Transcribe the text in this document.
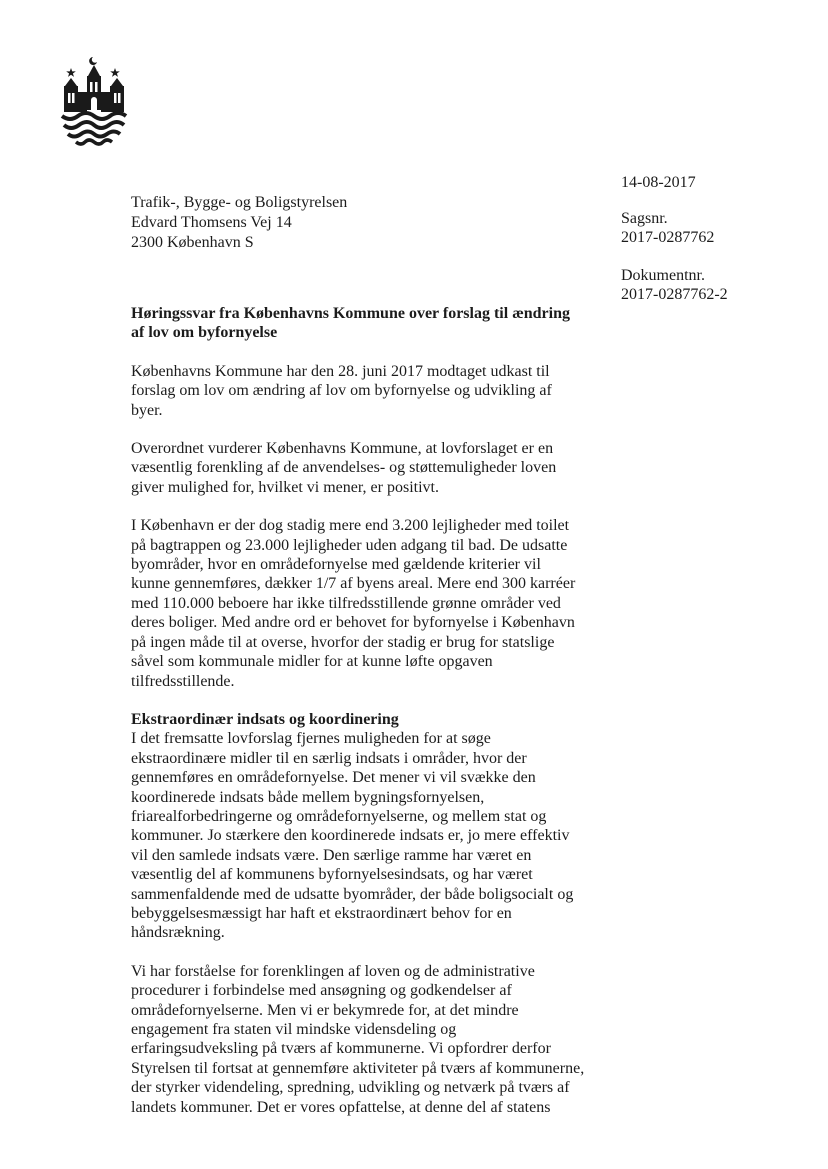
14-08-2017
Sagsnr.
2017-0287762
Dokumentnr.
2017-0287762-2
Trafik-, Bygge- og Boligstyrelsen
Edvard Thomsens Vej 14
2300 København S
Høringssvar fra Københavns Kommune over forslag til ændring
af lov om byfornyelse

Københavns Kommune har den 28. juni 2017 modtaget udkast til
forslag om lov om ændring af lov om byfornyelse og udvikling af
byer.

Overordnet vurderer Københavns Kommune, at lovforslaget er en
væsentlig forenkling af de anvendelses- og støttemuligheder loven
giver mulighed for, hvilket vi mener, er positivt.

I København er der dog stadig mere end 3.200 lejligheder med toilet
på bagtrappen og 23.000 lejligheder uden adgang til bad. De udsatte
byområder, hvor en områdefornyelse med gældende kriterier vil
kunne gennemføres, dækker 1/7 af byens areal. Mere end 300 karréer
med 110.000 beboere har ikke tilfredsstillende grønne områder ved
deres boliger. Med andre ord er behovet for byfornyelse i København
på ingen måde til at overse, hvorfor der stadig er brug for statslige
såvel som kommunale midler for at kunne løfte opgaven
tilfredsstillende.

Ekstraordinær indsats og koordinering

I det fremsatte lovforslag fjernes muligheden for at søge
ekstraordinære midler til en særlig indsats i områder, hvor der
gennemføres en områdefornyelse. Det mener vi vil svække den
koordinerede indsats både mellem bygningsfornyelsen,
friarealforbedringerne og områdefornyelserne, og mellem stat og
kommuner. Jo stærkere den koordinerede indsats er, jo mere effektiv
vil den samlede indsats være. Den særlige ramme har været en
væsentlig del af kommunens byfornyelsesindsats, og har været
sammenfaldende med de udsatte byområder, der både boligsocialt og
bebyggelsesmæssigt har haft et ekstraordinært behov for en
håndsrækning.

Vi har forståelse for forenklingen af loven og de administrative
procedurer i forbindelse med ansøgning og godkendelser af
områdefornyelserne. Men vi er bekymrede for, at det mindre
engagement fra staten vil mindske vidensdeling og
erfaringsudveksling på tværs af kommunerne. Vi opfordrer derfor
Styrelsen til fortsat at gennemføre aktiviteter på tværs af kommunerne,
der styrker videndeling, spredning, udvikling og netværk på tværs af
landets kommuner. Det er vores opfattelse, at denne del af statens
